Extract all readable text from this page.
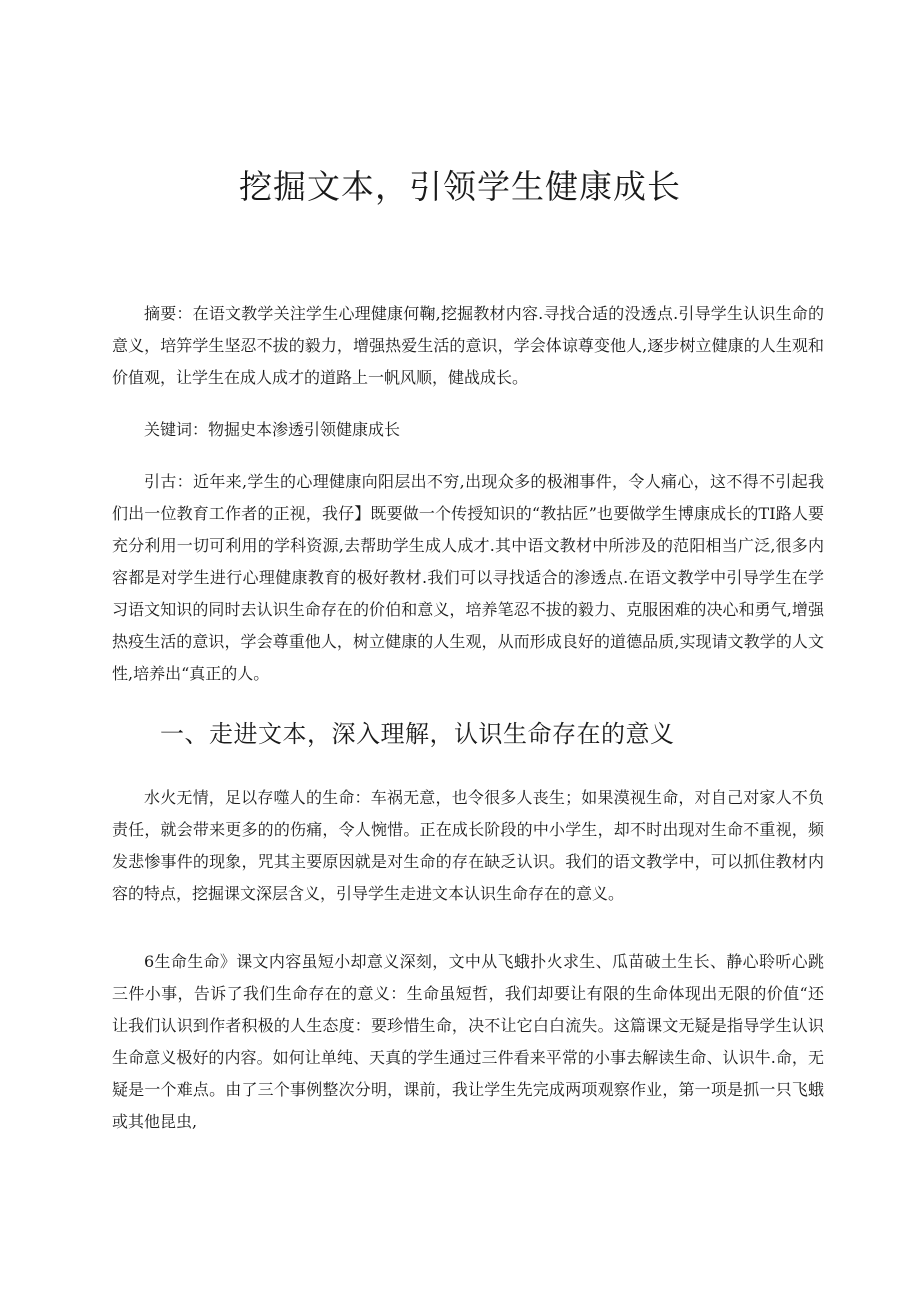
挖掘文本，引领学生健康成长

摘要：在语文教学关注学生心理健康何鞠,挖掘教材内容.寻找合适的没透点.引导学生认识生命的意义，培笄学生坚忍不拔的毅力，增强热爱生活的意识，学会体谅尊变他人,逐步树立健康的人生观和价值观，让学生在成人成才的道路上一帆风顺，健战成长。

关键词：物掘史本渗透引领健康成长

引古：近年来,学生的心理健康向阳层出不穷,出现众多的极湘事件，令人痛心，这不得不引起我们出一位教育工作者的正视，我仔】既要做一个传授知识的“教拈匠”也要做学生博康成长的TI路人要充分利用一切可利用的学科资源,去帮助学生成人成才.其中语文教材中所涉及的范阳相当广泛,很多内容都是对学生进行心理健康教育的极好教材.我们可以寻找适合的渗透点.在语文教学中引导学生在学习语文知识的同时去认识生命存在的价伯和意义，培养笔忍不拔的毅力、克服困难的决心和勇气,增强热疫生活的意识，学会尊重他人，树立健康的人生观，从而形成良好的道德品质,实现请文教学的人文性,培养出“真正的人。

一、走进文本，深入理解，认识生命存在的意义

水火无情，足以存噬人的生命：车祸无意，也令很多人丧生；如果漠视生命，对自己对家人不负责任，就会带来更多的的伤痛，令人惋惜。正在成长阶段的中小学生，却不时出现对生命不重视，频发悲惨事件的现象，咒其主要原因就是对生命的存在缺乏认识。我们的语文教学中，可以抓住教材内容的特点，挖掘课文深层含义，引导学生走进文本认识生命存在的意义。

6生命生命》课文内容虽短小却意义深刻，文中从飞蛾扑火求生、瓜苗破土生长、静心聆听心跳三件小事，告诉了我们生命存在的意义：生命虽短哲，我们却要让有限的生命体现出无限的价值“还让我们认识到作者积极的人生态度：要珍惜生命，决不让它白白流失。这篇课文无疑是指导学生认识生命意义极好的内容。如何让单纯、天真的学生通过三件看来平常的小事去解读生命、认识牛.命，无疑是一个难点。由了三个事例整次分明，课前，我让学生先完成两项观察作业，第一项是抓一只飞蛾或其他昆虫,
